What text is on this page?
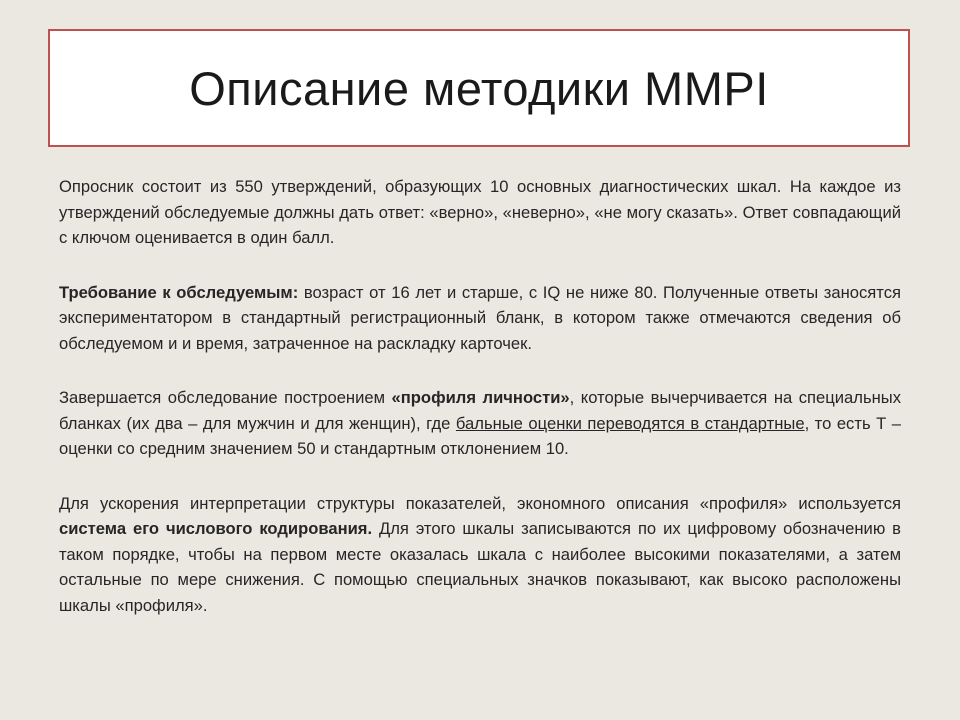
Описание методики MMPI

Опросник состоит из 550 утверждений, образующих 10 основных диагностических шкал. На каждое из утверждений обследуемые должны дать ответ: «верно», «неверно», «не могу сказать». Ответ совпадающий с ключом оценивается в один балл.

Требование к обследуемым: возраст от 16 лет и старше, с IQ не ниже 80. Полученные ответы заносятся экспериментатором в стандартный регистрационный бланк, в котором также отмечаются сведения об обследуемом и и время, затраченное на раскладку карточек.

Завершается обследование построением «профиля личности», которые вычерчивается на специальных бланках (их два – для мужчин и для женщин), где бальные оценки переводятся в стандартные, то есть Т – оценки со средним значением 50 и стандартным отклонением 10.

Для ускорения интерпретации структуры показателей, экономного описания «профиля» используется система его числового кодирования. Для этого шкалы записываются по их цифровому обозначению в таком порядке, чтобы на первом месте оказалась шкала с наиболее высокими показателями, а затем остальные по мере снижения. С помощью специальных значков показывают, как высоко расположены шкалы «профиля».
